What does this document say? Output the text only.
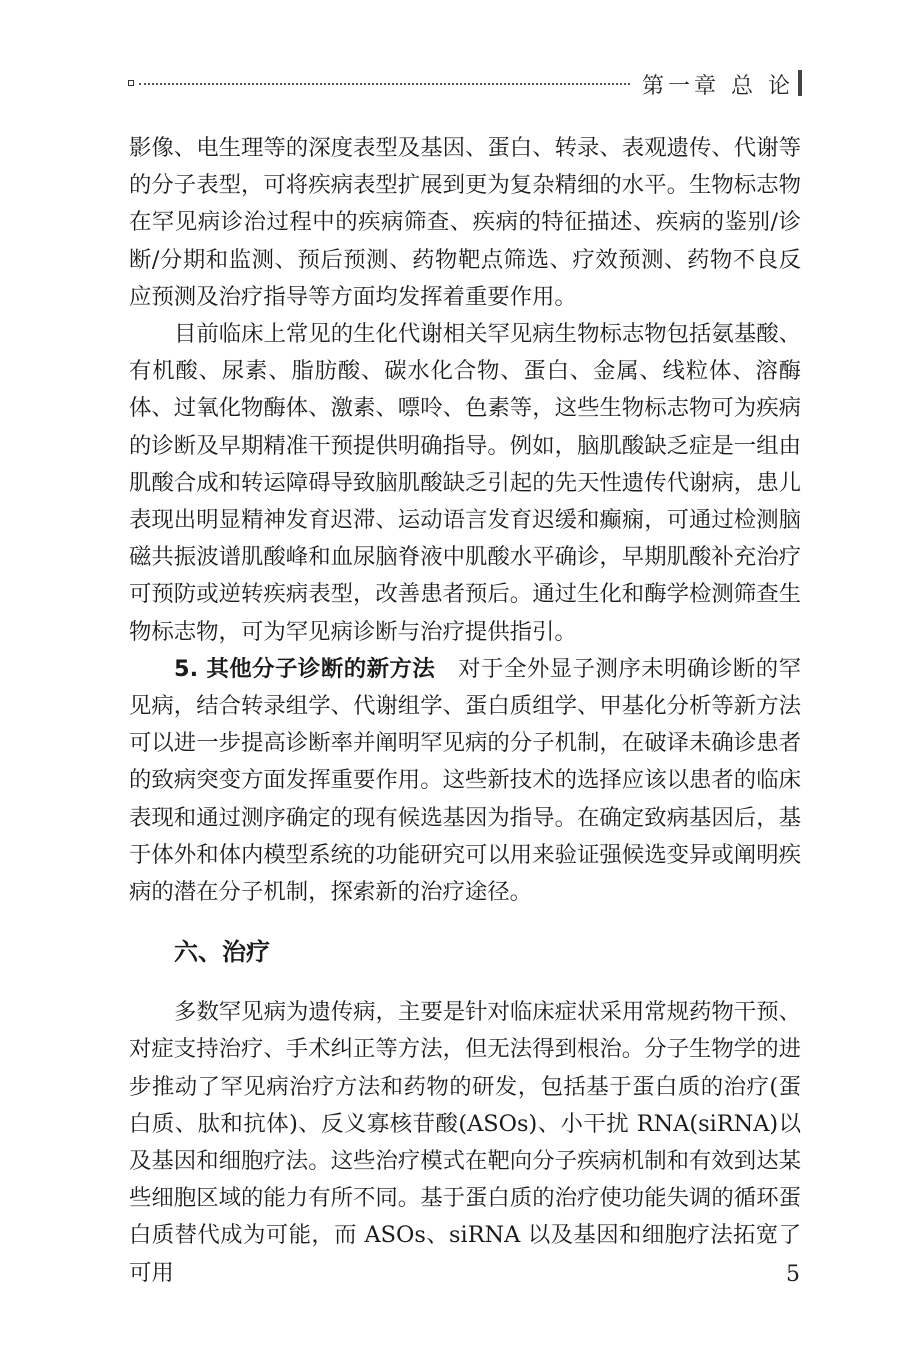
第一章 总 论

影像、电生理等的深度表型及基因、蛋白、转录、表观遗传、代谢等的分子表型，可将疾病表型扩展到更为复杂精细的水平。生物标志物在罕见病诊治过程中的疾病筛查、疾病的特征描述、疾病的鉴别/诊断/分期和监测、预后预测、药物靶点筛选、疗效预测、药物不良反应预测及治疗指导等方面均发挥着重要作用。

目前临床上常见的生化代谢相关罕见病生物标志物包括氨基酸、有机酸、尿素、脂肪酸、碳水化合物、蛋白、金属、线粒体、溶酶体、过氧化物酶体、激素、嘌呤、色素等，这些生物标志物可为疾病的诊断及早期精准干预提供明确指导。例如，脑肌酸缺乏症是一组由肌酸合成和转运障碍导致脑肌酸缺乏引起的先天性遗传代谢病，患儿表现出明显精神发育迟滞、运动语言发育迟缓和癫痫，可通过检测脑磁共振波谱肌酸峰和血尿脑脊液中肌酸水平确诊，早期肌酸补充治疗可预防或逆转疾病表型，改善患者预后。通过生化和酶学检测筛查生物标志物，可为罕见病诊断与治疗提供指引。

5. 其他分子诊断的新方法　 对于全外显子测序未明确诊断的罕见病，结合转录组学、代谢组学、蛋白质组学、甲基化分析等新方法可以进一步提高诊断率并阐明罕见病的分子机制，在破译未确诊患者的致病突变方面发挥重要作用。这些新技术的选择应该以患者的临床表现和通过测序确定的现有候选基因为指导。在确定致病基因后，基于体外和体内模型系统的功能研究可以用来验证强候选变异或阐明疾病的潜在分子机制，探索新的治疗途径。

六、治疗

多数罕见病为遗传病，主要是针对临床症状采用常规药物干预、对症支持治疗、手术纠正等方法，但无法得到根治。分子生物学的进步推动了罕见病治疗方法和药物的研发，包括基于蛋白质的治疗(蛋白质、肽和抗体)、反义寡核苷酸(ASOs)、小干扰 RNA(siRNA)以及基因和细胞疗法。这些治疗模式在靶向分子疾病机制和有效到达某些细胞区域的能力有所不同。基于蛋白质的治疗使功能失调的循环蛋白质替代成为可能，而 ASOs、siRNA 以及基因和细胞疗法拓宽了可用	5
